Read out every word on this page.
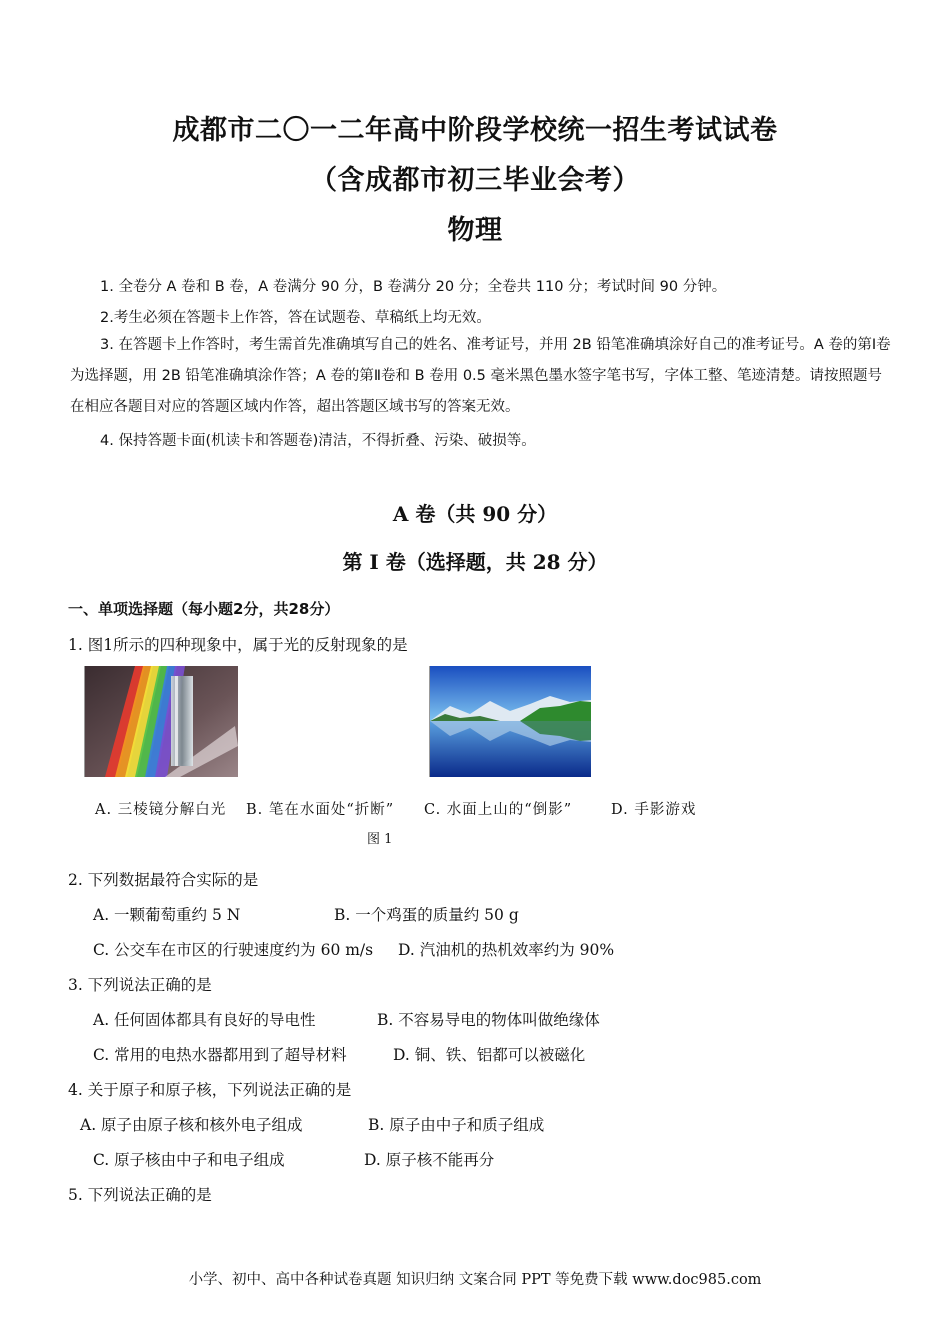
成都市二〇一二年高中阶段学校统一招生考试试卷
（含成都市初三毕业会考）
物理
1. 全卷分 A 卷和 B 卷，A 卷满分 90 分，B 卷满分 20 分；全卷共 110 分；考试时间 90 分钟。
2.考生必须在答题卡上作答，答在试题卷、草稿纸上均无效。
3. 在答题卡上作答时，考生需首先准确填写自己的姓名、准考证号，并用 2B 铅笔准确填涂好自己的准考证号。A 卷的第Ⅰ卷为选择题，用 2B 铅笔准确填涂作答；A 卷的第Ⅱ卷和 B 卷用 0.5 毫米黑色墨水签字笔书写，字体工整、笔迹清楚。请按照题号在相应各题目对应的答题区域内作答，超出答题区域书写的答案无效。
4. 保持答题卡面(机读卡和答题卷)清洁，不得折叠、污染、破损等。
A 卷（共 90 分）
第 I 卷（选择题，共 28 分）
一、单项选择题（每小题2分，共28分）
1. 图1所示的四种现象中，属于光的反射现象的是
A. 三棱镜分解白光 B. 笔在水面处“折断” C. 水面上山的“倒影”	D. 手影游戏
图 1
2. 下列数据最符合实际的是
A. 一颗葡萄重约 5 N	B. 一个鸡蛋的质量约 50 g
C. 公交车在市区的行驶速度约为 60 m/s D. 汽油机的热机效率约为 90%
3. 下列说法正确的是
A. 任何固体都具有良好的导电性	B. 不容易导电的物体叫做绝缘体
C. 常用的电热水器都用到了超导材料	D. 铜、铁、铝都可以被磁化
4. 关于原子和原子核，下列说法正确的是
A. 原子由原子核和核外电子组成	B. 原子由中子和质子组成
C. 原子核由中子和电子组成	D. 原子核不能再分
5. 下列说法正确的是
小学、初中、高中各种试卷真题 知识归纳 文案合同 PPT 等免费下载 www.doc985.com
